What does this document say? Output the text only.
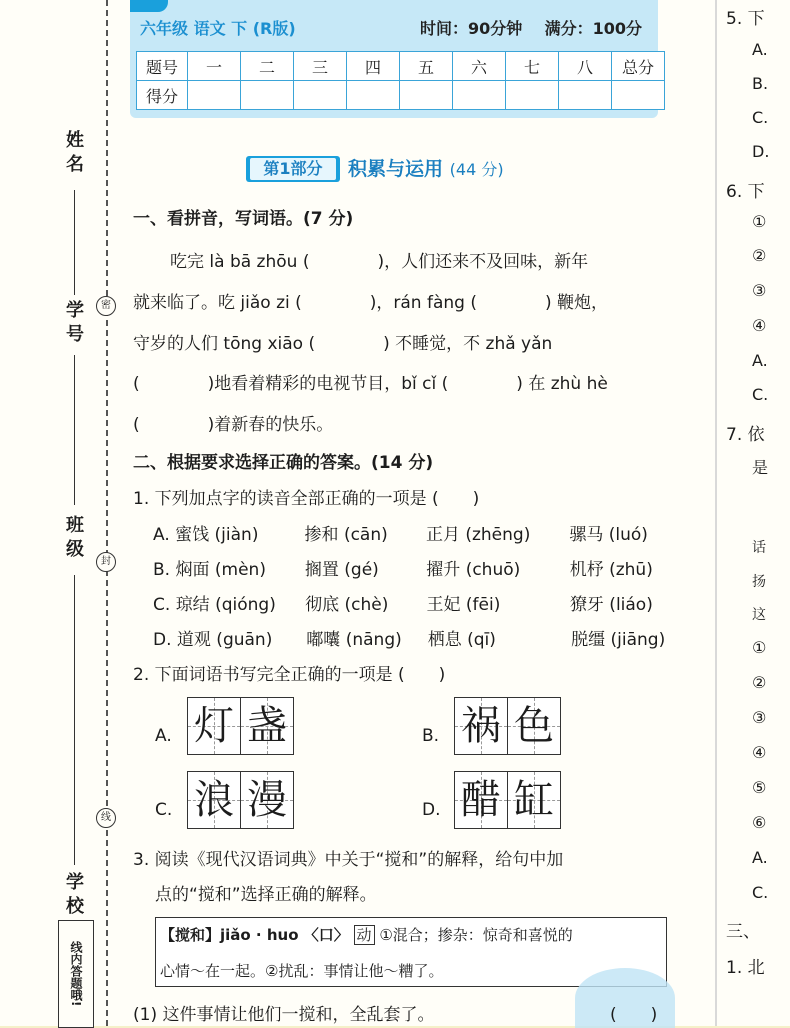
姓名
学号
班级
学校
密
封
线
线内答题哦!
六年级 语文 下 (R版)	时间：90分钟 满分：100分
题号	一	二	三	四	五	六	七	八	总分
得分									
第1部分	积累与运用 (44 分)
一、看拼音，写词语。(7 分)
吃完 là bā zhōu (　　　　)，人们还来不及回味，新年
就来临了。吃 jiǎo zi (　　　　)，rán fàng (　　　　) 鞭炮，
守岁的人们 tōng xiāo (　　　　) 不睡觉，不 zhǎ yǎn
(　　　　)地看着精彩的电视节目，bǐ cǐ (　　　　) 在 zhù hè
(　　　　)着新春的快乐。
二、根据要求选择正确的答案。(14 分)
1. 下列加点字的读音全部正确的一项是 (　　)
A. 蜜饯 (jiàn)	掺和 (cān) 正月 (zhēng) 骡马 (luó)
B. 焖面 (mèn) 搁置 (gé)	擢升 (chuō)	机杼 (zhū)
C. 琼结 (qióng) 彻底 (chè) 王妃 (fēi)	獠牙 (liáo)
D. 道观 (guān) 嘟囔 (nāng) 栖息 (qī)	脱缰 (jiāng)
2. 下面词语书写完全正确的一项是 (　　)
A. 灯 盏	B. 祸 色
C. 浪 漫	D. 醋 缸
3. 阅读《现代汉语词典》中关于“搅和”的解释，给句中加
点的“搅和”选择正确的解释。
【搅和】jiǎo · huo 〈口〉 动 ①混合；掺杂：惊奇和喜悦的
心情～在一起。②扰乱：事情让他～糟了。
(1) 这件事情让他们一搅和，全乱套了。	(　　)
5. 下
A.
B.
C.
D.
6. 下
①
②
③
④
A.
C.
7. 依
是
话
扬
这
①
②
③
④
⑤
⑥
A.
C.
三、
1. 北
